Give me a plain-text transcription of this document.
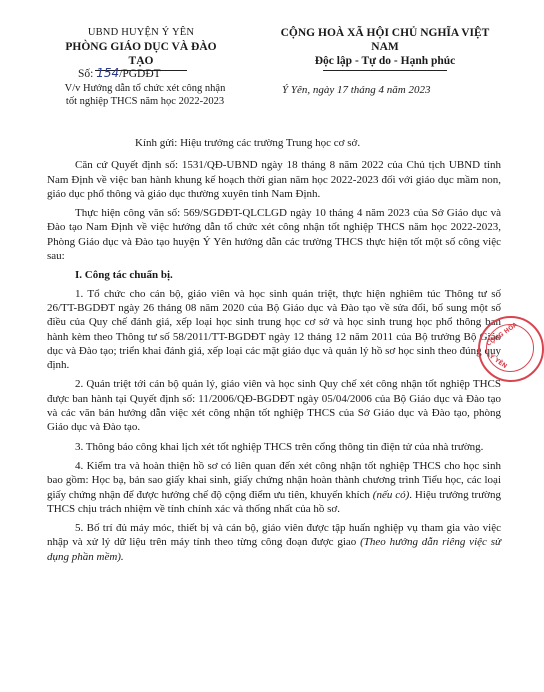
UBND HUYỆN Ý YÊN
PHÒNG GIÁO DỤC VÀ ĐÀO TẠO
Số: 154/PGDĐT
V/v Hướng dẫn tổ chức xét công nhận
tốt nghiệp THCS năm học 2022-2023
CỘNG HOÀ XÃ HỘI CHỦ NGHĨA VIỆT NAM
Độc lập - Tự do - Hạnh phúc
Ý Yên, ngày 17 tháng 4 năm 2023

Kính gửi: Hiệu trưởng các trường Trung học cơ sở.

Căn cứ Quyết định số: 1531/QĐ-UBND ngày 18 tháng 8 năm 2022 của Chủ tịch UBND tỉnh Nam Định về việc ban hành khung kế hoạch thời gian năm học 2022-2023 đối với giáo dục mầm non, giáo dục phổ thông và giáo dục thường xuyên tỉnh Nam Định.

Thực hiện công văn số: 569/SGDĐT-QLCLGD ngày 10 tháng 4 năm 2023 của Sở Giáo dục và Đào tạo Nam Định về việc hướng dẫn tổ chức xét công nhận tốt nghiệp THCS năm học 2022-2023, Phòng Giáo dục và Đào tạo huyện Ý Yên hướng dẫn các trường THCS thực hiện tốt một số công việc sau:

I. Công tác chuẩn bị.

1. Tổ chức cho cán bộ, giáo viên và học sinh quán triệt, thực hiện nghiêm túc Thông tư số 26/TT-BGDĐT ngày 26 tháng 08 năm 2020 của Bộ Giáo dục và Đào tạo về sửa đổi, bổ sung một số điều của Quy chế đánh giá, xếp loại học sinh trung học cơ sở và học sinh trung học phổ thông ban hành kèm theo Thông tư số 58/2011/TT-BGDĐT ngày 12 tháng 12 năm 2011 của Bộ trưởng Bộ Giáo dục và Đào tạo; triển khai đánh giá, xếp loại các mặt giáo dục và quản lý hồ sơ học sinh theo đúng quy định.

2. Quán triệt tới cán bộ quản lý, giáo viên và học sinh Quy chế xét công nhận tốt nghiệp THCS được ban hành tại Quyết định số: 11/2006/QĐ-BGDĐT ngày 05/04/2006 của Bộ Giáo dục và Đào tạo và các văn bản hướng dẫn việc xét công nhận tốt nghiệp THCS của Sở Giáo dục và Đào tạo, phòng Giáo dục và Đào tạo.

3. Thông báo công khai lịch xét tốt nghiệp THCS trên cổng thông tin điện tử của nhà trường.

4. Kiểm tra và hoàn thiện hồ sơ có liên quan đến xét công nhận tốt nghiệp THCS cho học sinh bao gồm: Học bạ, bản sao giấy khai sinh, giấy chứng nhận hoàn thành chương trình Tiểu học, các loại giấy chứng nhận để được hưởng chế độ cộng điểm ưu tiên, khuyến khích (nếu có). Hiệu trưởng trường THCS chịu trách nhiệm về tính chính xác và thống nhất của hồ sơ.

5. Bố trí đủ máy móc, thiết bị và cán bộ, giáo viên được tập huấn nghiệp vụ tham gia vào việc nhập và xử lý dữ liệu trên máy tính theo từng công đoạn được giao (Theo hướng dẫn riêng việc sử dụng phần mềm).

CỘNG HÒA
Ý YÊN
